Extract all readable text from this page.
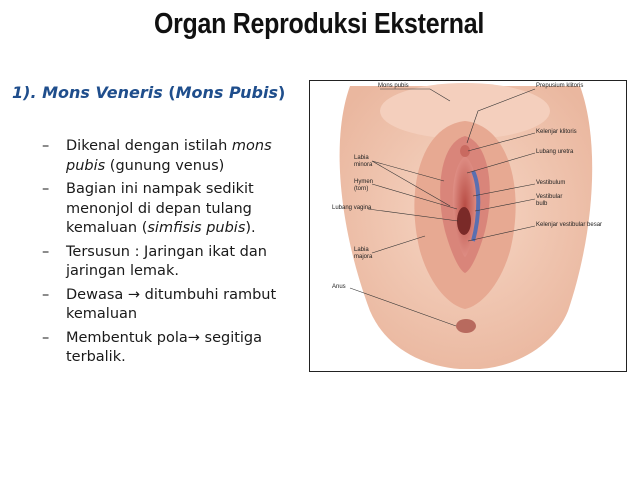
Organ Reproduksi Eksternal
1). Mons Veneris (Mons Pubis)
– Dikenal dengan istilah mons pubis (gunung venus)
– Bagian ini nampak sedikit menonjol di depan tulang kemaluan (simfisis pubis).
– Tersusun : Jaringan ikat dan jaringan lemak.
– Dewasa → ditumbuhi rambut kemaluan
– Membentuk pola→ segitiga terbalik.
Mons pubis	Prepusium klitoris
Kelenjar klitoris
Lubang uretra
Labia minora
Hymen (torn)
Vestibulum
Vestibular bulb
Lubang vagina
Kelenjar vestibular besar
Labia majora
Anus
